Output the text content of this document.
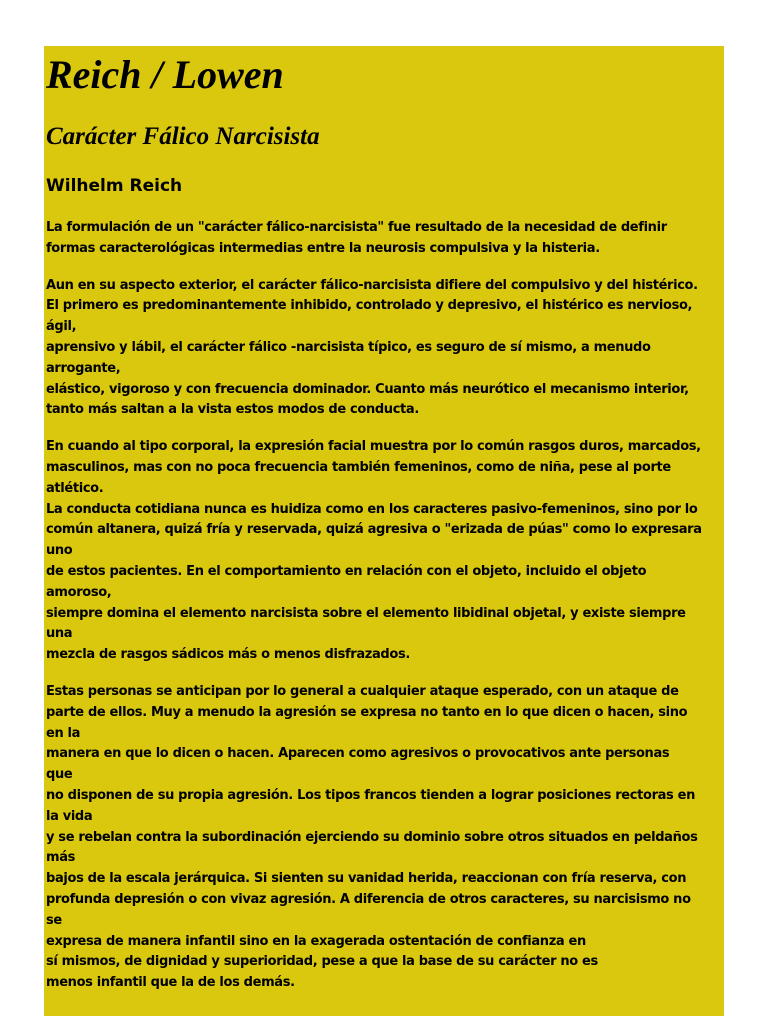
Reich / Lowen
Carácter Fálico Narcisista
Wilhelm Reich

La formulación de un "carácter fálico-narcisista" fue resultado de la necesidad de definir
formas caracterológicas intermedias entre la neurosis compulsiva y la histeria.

Aun en su aspecto exterior, el carácter fálico-narcisista difiere del compulsivo y del histérico.
El primero es predominantemente inhibido, controlado y depresivo, el histérico es nervioso,
ágil,
aprensivo y lábil, el carácter fálico -narcisista típico, es seguro de sí mismo, a menudo
arrogante,
elástico, vigoroso y con frecuencia dominador. Cuanto más neurótico el mecanismo interior,
tanto más saltan a la vista estos modos de conducta.

En cuando al tipo corporal, la expresión facial muestra por lo común rasgos duros, marcados,
masculinos, mas con no poca frecuencia también femeninos, como de niña, pese al porte
atlético.
La conducta cotidiana nunca es huidiza como en los caracteres pasivo-femeninos, sino por lo
común altanera, quizá fría y reservada, quizá agresiva o "erizada de púas" como lo expresara
uno
de estos pacientes. En el comportamiento en relación con el objeto, incluido el objeto
amoroso,
siempre domina el elemento narcisista sobre el elemento libidinal objetal, y existe siempre
una
mezcla de rasgos sádicos más o menos disfrazados.

Estas personas se anticipan por lo general a cualquier ataque esperado, con un ataque de
parte de ellos. Muy a menudo la agresión se expresa no tanto en lo que dicen o hacen, sino
en la
manera en que lo dicen o hacen. Aparecen como agresivos o provocativos ante personas
que
no disponen de su propia agresión. Los tipos francos tienden a lograr posiciones rectoras en
la vida
y se rebelan contra la subordinación ejerciendo su dominio sobre otros situados en peldaños
más
bajos de la escala jerárquica. Si sienten su vanidad herida, reaccionan con fría reserva, con
profunda depresión o con vivaz agresión. A diferencia de otros caracteres, su narcisismo no
se
expresa de manera infantil sino en la exagerada ostentación de confianza en
sí mismos, de dignidad y superioridad, pese a que la base de su carácter no es
menos infantil que la de los demás.
